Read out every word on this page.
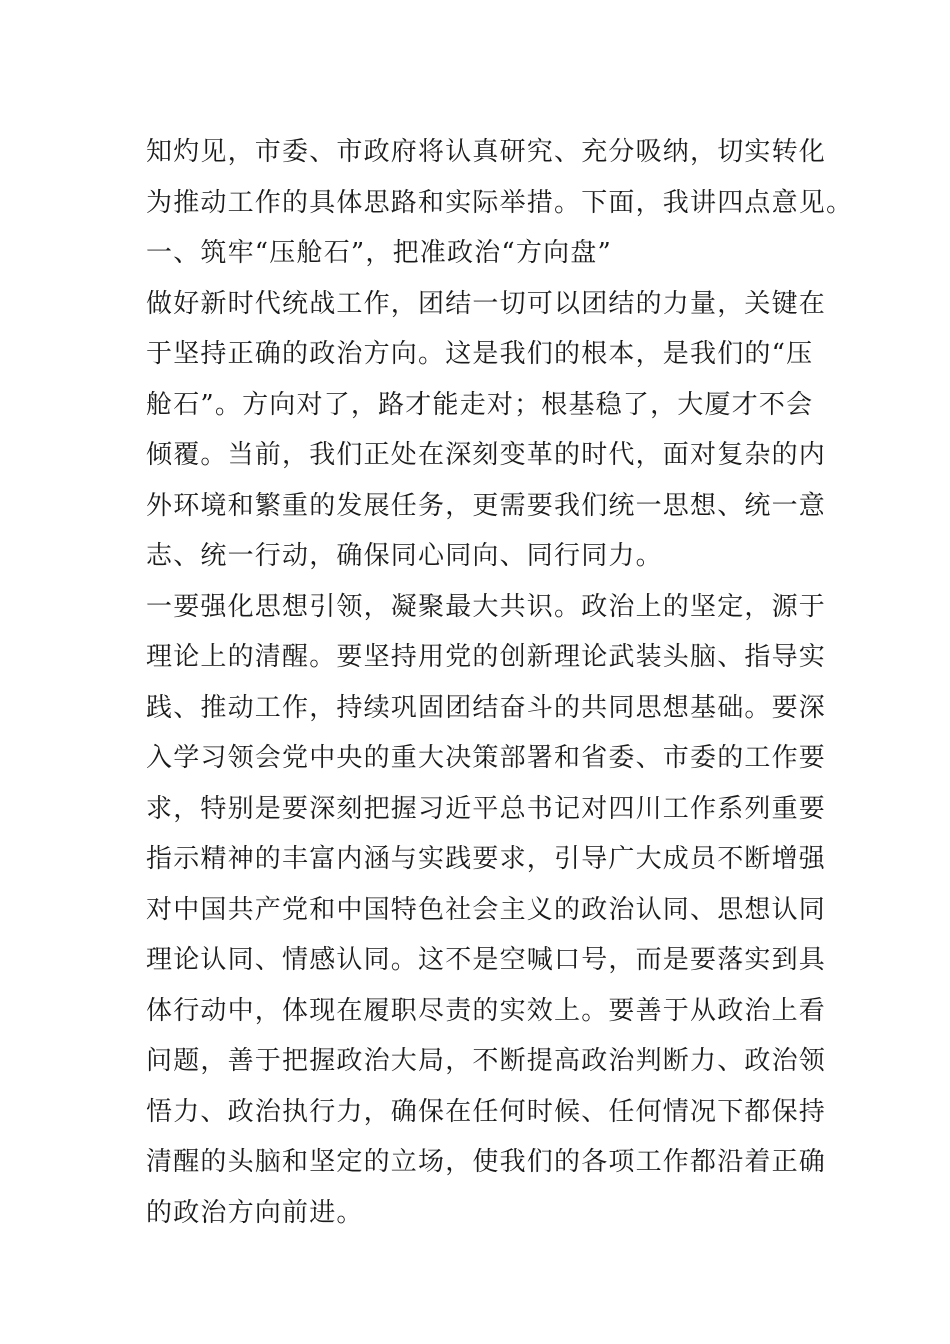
知灼见，市委、市政府将认真研究、充分吸纳，切实转化
为推动工作的具体思路和实际举措。下面，我讲四点意见。
一、筑牢“压舱石”，把准政治“方向盘”
做好新时代统战工作，团结一切可以团结的力量，关键在
于坚持正确的政治方向。这是我们的根本，是我们的“压
舱石”。方向对了，路才能走对；根基稳了，大厦才不会
倾覆。当前，我们正处在深刻变革的时代，面对复杂的内
外环境和繁重的发展任务，更需要我们统一思想、统一意
志、统一行动，确保同心同向、同行同力。
一要强化思想引领，凝聚最大共识。政治上的坚定，源于
理论上的清醒。要坚持用党的创新理论武装头脑、指导实
践、推动工作，持续巩固团结奋斗的共同思想基础。要深
入学习领会党中央的重大决策部署和省委、市委的工作要
求，特别是要深刻把握习近平总书记对四川工作系列重要
指示精神的丰富内涵与实践要求，引导广大成员不断增强
对中国共产党和中国特色社会主义的政治认同、思想认同
理论认同、情感认同。这不是空喊口号，而是要落实到具
体行动中，体现在履职尽责的实效上。要善于从政治上看
问题，善于把握政治大局，不断提高政治判断力、政治领
悟力、政治执行力，确保在任何时候、任何情况下都保持
清醒的头脑和坚定的立场，使我们的各项工作都沿着正确
的政治方向前进。
